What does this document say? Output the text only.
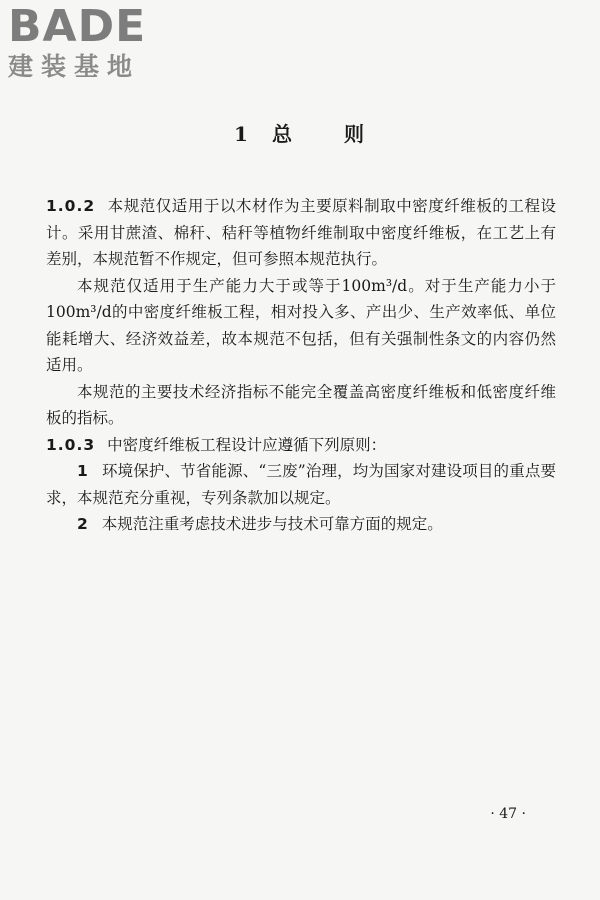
BADE
建装基地
1 总	则

1.0.2 本规范仅适用于以木材作为主要原料制取中密度纤维板的工程设计。采用甘蔗渣、棉秆、秸秆等植物纤维制取中密度纤维板，在工艺上有差别，本规范暂不作规定，但可参照本规范执行。

本规范仅适用于生产能力大于或等于100m³/d。对于生产能力小于100m³/d的中密度纤维板工程，相对投入多、产出少、生产效率低、单位能耗增大、经济效益差，故本规范不包括，但有关强制性条文的内容仍然适用。

本规范的主要技术经济指标不能完全覆盖高密度纤维板和低密度纤维板的指标。

1.0.3 中密度纤维板工程设计应遵循下列原则：

1 环境保护、节省能源、“三废”治理，均为国家对建设项目的重点要求，本规范充分重视，专列条款加以规定。

2 本规范注重考虑技术进步与技术可靠方面的规定。

· 47 ·
